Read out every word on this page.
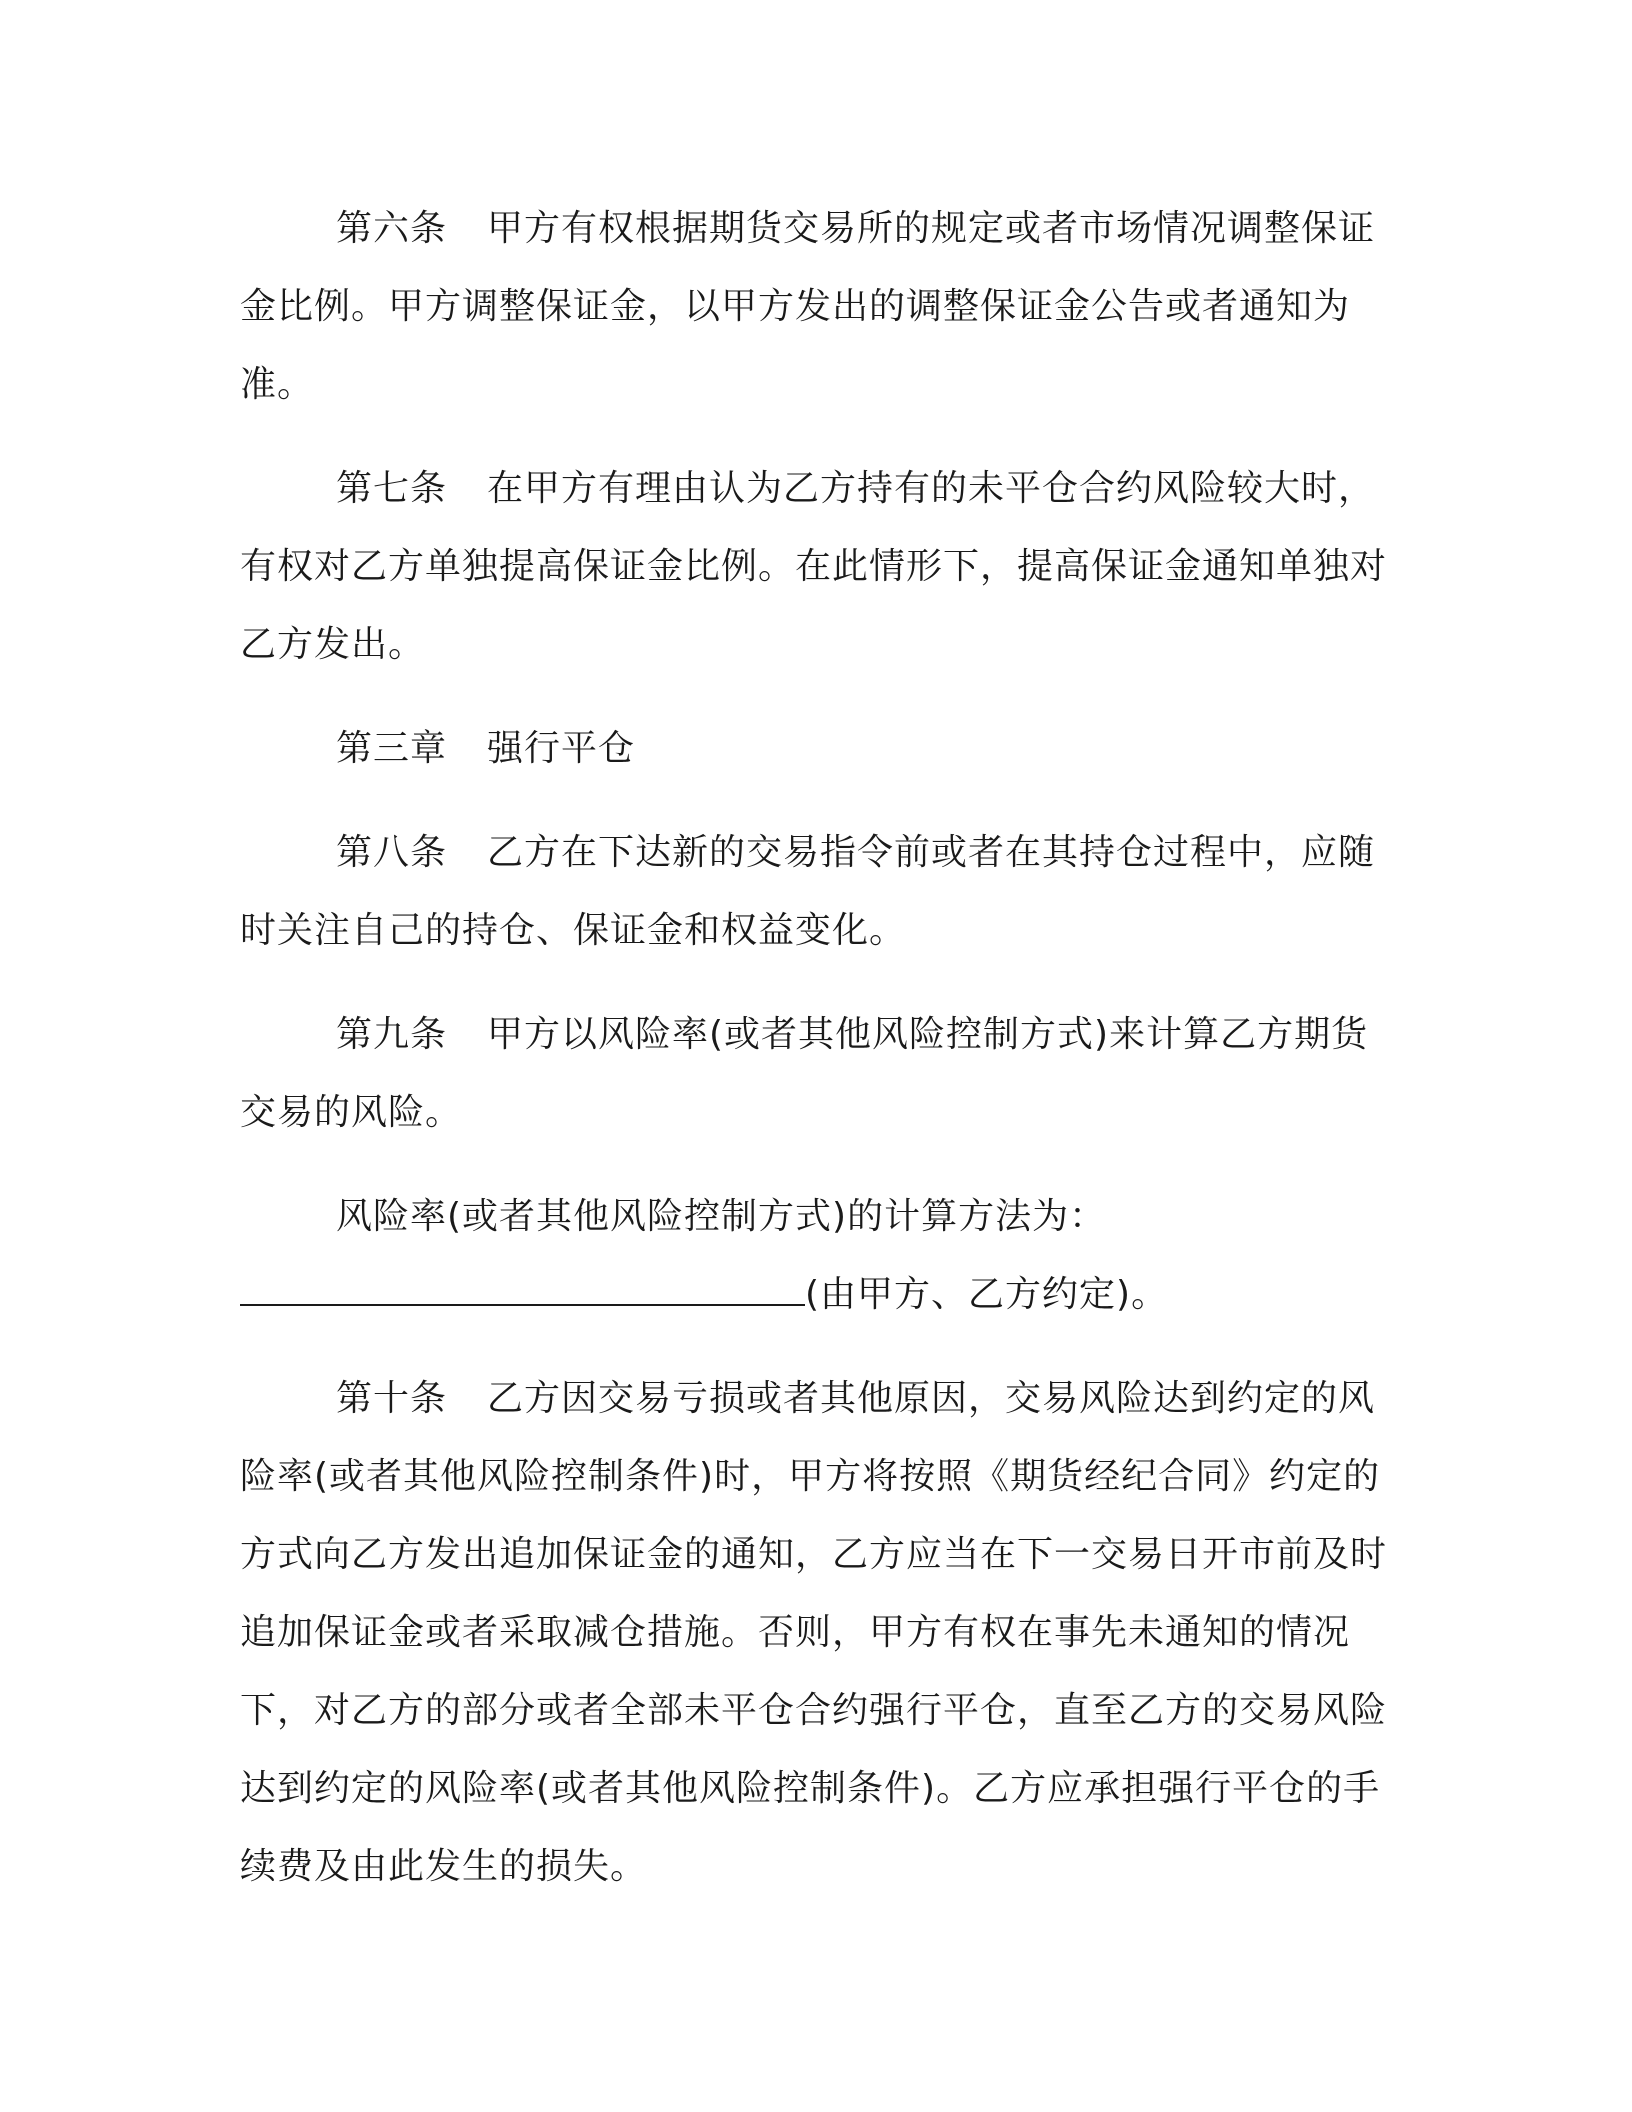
第六条 甲方有权根据期货交易所的规定或者市场情况调整保证金比例。甲方调整保证金，以甲方发出的调整保证金公告或者通知为准。

第七条 在甲方有理由认为乙方持有的未平仓合约风险较大时，有权对乙方单独提高保证金比例。在此情形下，提高保证金通知单独对乙方发出。

第三章 强行平仓

第八条 乙方在下达新的交易指令前或者在其持仓过程中，应随时关注自己的持仓、保证金和权益变化。

第九条 甲方以风险率(或者其他风险控制方式)来计算乙方期货交易的风险。

风险率(或者其他风险控制方式)的计算方法为：
(由甲方、乙方约定)。

第十条 乙方因交易亏损或者其他原因，交易风险达到约定的风险率(或者其他风险控制条件)时，甲方将按照《期货经纪合同》约定的方式向乙方发出追加保证金的通知，乙方应当在下一交易日开市前及时追加保证金或者采取减仓措施。否则，甲方有权在事先未通知的情况下，对乙方的部分或者全部未平仓合约强行平仓，直至乙方的交易风险达到约定的风险率(或者其他风险控制条件)。乙方应承担强行平仓的手续费及由此发生的损失。
